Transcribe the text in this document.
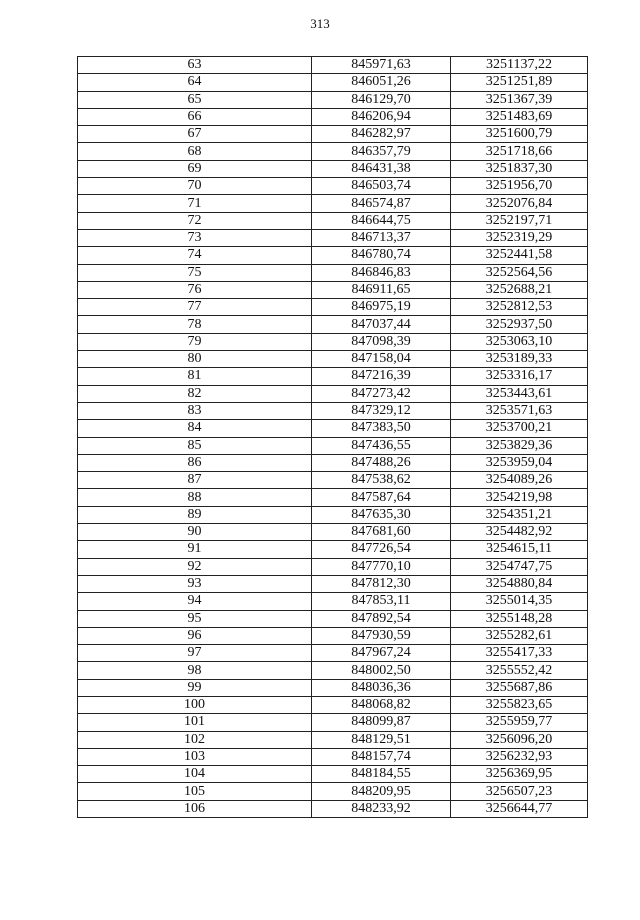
313
63	845971,63	3251137,22
64	846051,26	3251251,89
65	846129,70	3251367,39
66	846206,94	3251483,69
67	846282,97	3251600,79
68	846357,79	3251718,66
69	846431,38	3251837,30
70	846503,74	3251956,70
71	846574,87	3252076,84
72	846644,75	3252197,71
73	846713,37	3252319,29
74	846780,74	3252441,58
75	846846,83	3252564,56
76	846911,65	3252688,21
77	846975,19	3252812,53
78	847037,44	3252937,50
79	847098,39	3253063,10
80	847158,04	3253189,33
81	847216,39	3253316,17
82	847273,42	3253443,61
83	847329,12	3253571,63
84	847383,50	3253700,21
85	847436,55	3253829,36
86	847488,26	3253959,04
87	847538,62	3254089,26
88	847587,64	3254219,98
89	847635,30	3254351,21
90	847681,60	3254482,92
91	847726,54	3254615,11
92	847770,10	3254747,75
93	847812,30	3254880,84
94	847853,11	3255014,35
95	847892,54	3255148,28
96	847930,59	3255282,61
97	847967,24	3255417,33
98	848002,50	3255552,42
99	848036,36	3255687,86
100	848068,82	3255823,65
101	848099,87	3255959,77
102	848129,51	3256096,20
103	848157,74	3256232,93
104	848184,55	3256369,95
105	848209,95	3256507,23
106	848233,92	3256644,77
